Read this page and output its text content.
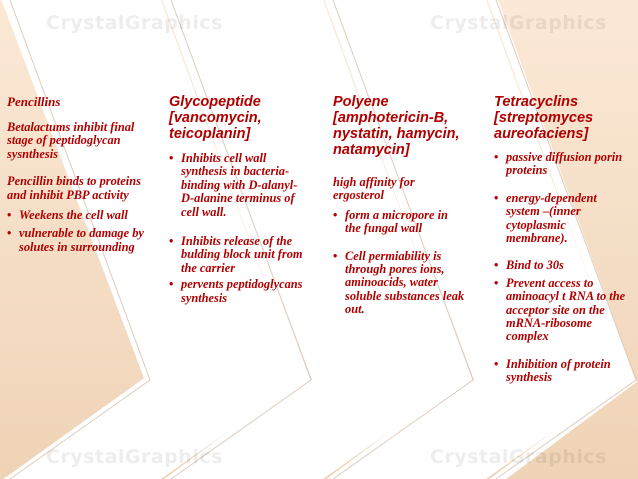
CrystalGraphics	CrystalGraphics
CrystalGraphics	CrystalGraphics

Pencillins

Betalactums inhibit final stage of peptidoglycan sysnthesis

Pencillin binds to proteins and inhibit PBP activity

• Weekens the cell wall
• vulnerable to damage by solutes in surrounding

Glycopeptide [vancomycin, teicoplanin]

• Inhibits cell wall synthesis in bacteria- binding with D-alanyl-D-alanine terminus of cell wall.
• Inhibits release of the bulding block unit from the carrier
• pervents peptidoglycans synthesis

Polyene [amphotericin-B, nystatin, hamycin, natamycin]

high affinity for ergosterol

• form a micropore in the fungal wall
• Cell permiability is through pores ions, aminoacids, water soluble substances leak out.

Tetracyclins [streptomyces aureofaciens]

• passive diffusion porin proteins
• energy-dependent system –(inner cytoplasmic membrane).
• Bind to 30s
• Prevent access to aminoacyl t RNA to the acceptor site on the mRNA-ribosome complex
• Inhibition of protein synthesis
